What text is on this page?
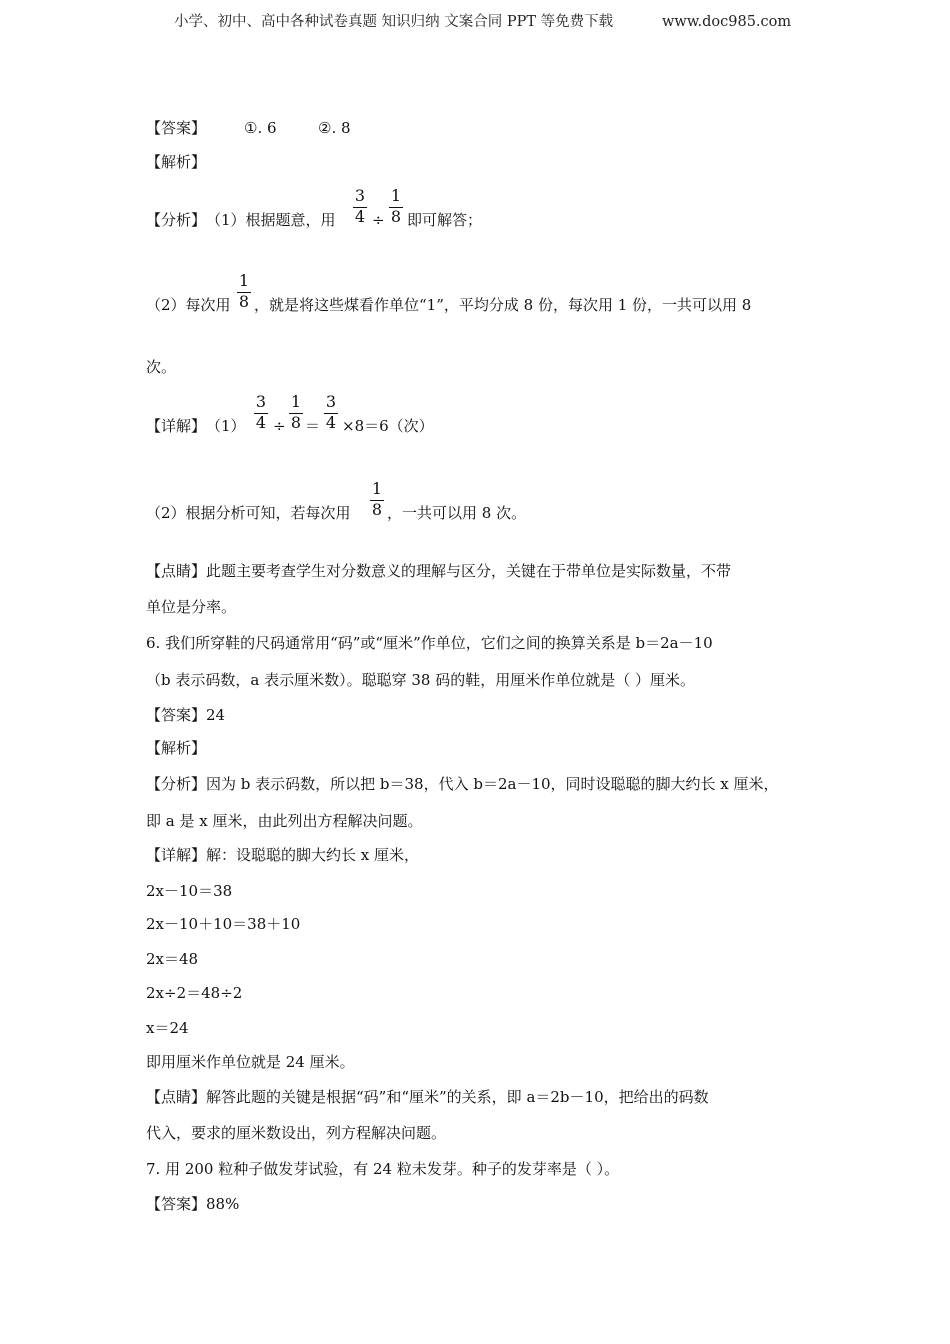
小学、初中、高中各种试卷真题 知识归纳 文案合同 PPT 等免费下载	www.doc985.com
【答案】	①. 6	②. 8
【解析】
【分析】 （1）根据题意，用
3
4 ÷
1
8 即可解答；
（2）每次用
1
8 ，就是将这些煤看作单位“1”，平均分成 8 份，每次用 1 份，一共可以用 8
次。
【详解】 （1）
3
4 ÷
1
8 ＝
3
4 ×8＝6（次）
（2）根据分析可知，若每次用
1
8 ，一共可以用 8 次。
【点睛】此题主要考查学生对分数意义的理解与区分，关键在于带单位是实际数量，不带
单位是分率。
6. 我们所穿鞋的尺码通常用“码”或“厘米”作单位，它们之间的换算关系是 b＝2a－10
（b 表示码数，a 表示厘米数）。聪聪穿 38 码的鞋，用厘米作单位就是（ ）厘米。
【答案】24
【解析】
【分析】因为 b 表示码数，所以把 b＝38，代入 b＝2a－10，同时设聪聪的脚大约长 x 厘米，
即 a 是 x 厘米，由此列出方程解决问题。
【详解】解：设聪聪的脚大约长 x 厘米，
2x－10＝38
2x－10＋10＝38＋10
2x＝48
2x÷2＝48÷2
x＝24
即用厘米作单位就是 24 厘米。
【点睛】解答此题的关键是根据“码”和“厘米”的关系，即 a＝2b－10，把给出的码数
代入，要求的厘米数设出，列方程解决问题。
7. 用 200 粒种子做发芽试验，有 24 粒未发芽。种子的发芽率是（ ）。
【答案】88%
